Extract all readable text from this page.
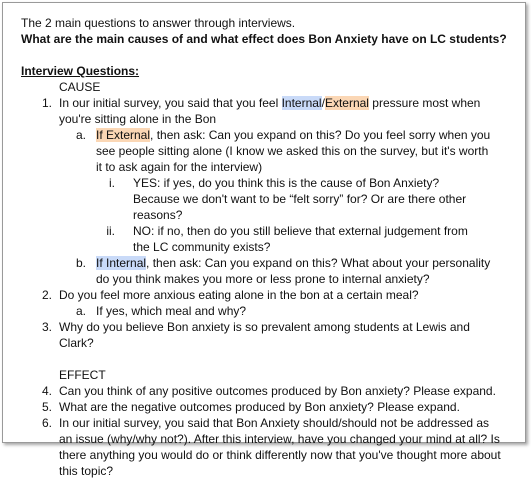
The 2 main questions to answer through interviews.
What are the main causes of and what effect does Bon Anxiety have on LC students?
Interview Questions:
CAUSE
1. In our initial survey, you said that you feel Internal/External pressure most when you're sitting alone in the Bon
a. If External, then ask: Can you expand on this? Do you feel sorry when you see people sitting alone (I know we asked this on the survey, but it's worth it to ask again for the interview)
i. YES: if yes, do you think this is the cause of Bon Anxiety? Because we don't want to be “felt sorry” for? Or are there other reasons?
ii. NO: if no, then do you still believe that external judgement from the LC community exists?
b. If Internal, then ask: Can you expand on this? What about your personality do you think makes you more or less prone to internal anxiety?
2. Do you feel more anxious eating alone in the bon at a certain meal?
a. If yes, which meal and why?
3. Why do you believe Bon anxiety is so prevalent among students at Lewis and Clark?
EFFECT
4. Can you think of any positive outcomes produced by Bon anxiety? Please expand.
5. What are the negative outcomes produced by Bon anxiety? Please expand.
6. In our initial survey, you said that Bon Anxiety should/should not be addressed as an issue (why/why not?). After this interview, have you changed your mind at all? Is there anything you would do or think differently now that you've thought more about this topic?
